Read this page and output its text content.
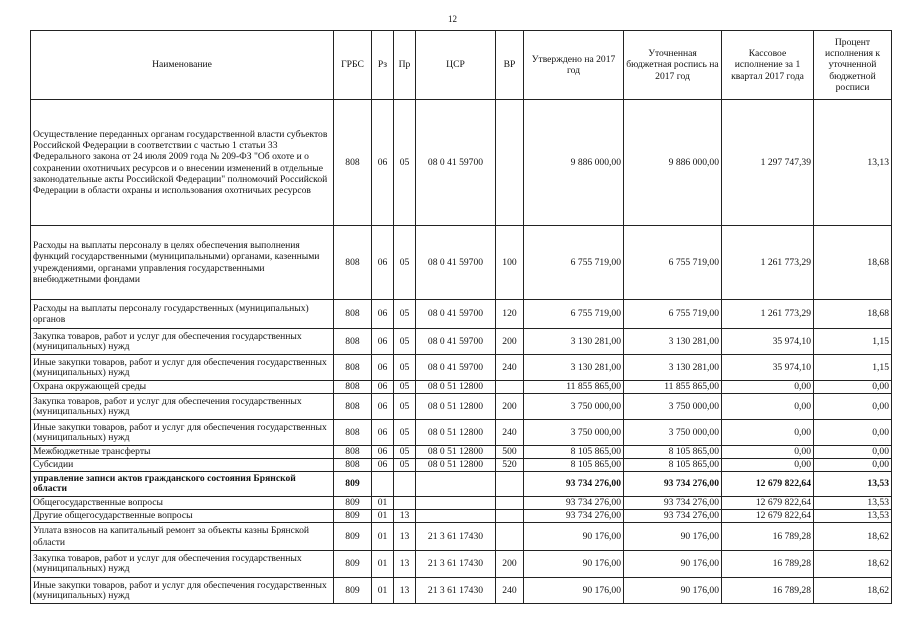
12
Наименование	ГРБС	Рз	Пр	ЦСР	ВР	Утверждено на 2017 год	Уточненная бюджетная роспись на 2017 год	Кассовое исполнение за 1 квартал 2017 года	Процент исполнения к уточненной бюджетной росписи
Осуществление переданных органам государственной власти субъектов Российской Федерации в соответствии с частью 1 статьи 33 Федерального закона от 24 июля 2009 года № 209-ФЗ "Об охоте и о сохранении охотничьих ресурсов и о внесении изменений в отдельные законодательные акты Российской Федерации" полномочий Российской Федерации в области охраны и использования охотничьих ресурсов	808	06	05	08 0 41 59700		9 886 000,00	9 886 000,00	1 297 747,39	13,13
Расходы на выплаты персоналу в целях обеспечения выполнения функций государственными (муниципальными) органами, казенными учреждениями, органами управления государственными внебюджетными фондами	808	06	05	08 0 41 59700	100	6 755 719,00	6 755 719,00	1 261 773,29	18,68
Расходы на выплаты персоналу государственных (муниципальных) органов	808	06	05	08 0 41 59700	120	6 755 719,00	6 755 719,00	1 261 773,29	18,68
Закупка товаров, работ и услуг для обеспечения государственных (муниципальных) нужд	808	06	05	08 0 41 59700	200	3 130 281,00	3 130 281,00	35 974,10	1,15
Иные закупки товаров, работ и услуг для обеспечения государственных (муниципальных) нужд	808	06	05	08 0 41 59700	240	3 130 281,00	3 130 281,00	35 974,10	1,15
Охрана окружающей среды	808	06	05	08 0 51 12800		11 855 865,00	11 855 865,00	0,00	0,00
Закупка товаров, работ и услуг для обеспечения государственных (муниципальных) нужд	808	06	05	08 0 51 12800	200	3 750 000,00	3 750 000,00	0,00	0,00
Иные закупки товаров, работ и услуг для обеспечения государственных (муниципальных) нужд	808	06	05	08 0 51 12800	240	3 750 000,00	3 750 000,00	0,00	0,00
Межбюджетные трансферты	808	06	05	08 0 51 12800	500	8 105 865,00	8 105 865,00	0,00	0,00
Субсидии	808	06	05	08 0 51 12800	520	8 105 865,00	8 105 865,00	0,00	0,00
управление записи актов гражданского состояния Брянской области	809					93 734 276,00	93 734 276,00	12 679 822,64	13,53
Общегосударственные вопросы	809	01				93 734 276,00	93 734 276,00	12 679 822,64	13,53
Другие общегосударственные вопросы	809	01	13			93 734 276,00	93 734 276,00	12 679 822,64	13,53
Уплата взносов на капитальный ремонт за объекты казны Брянской области	809	01	13	21 3 61 17430		90 176,00	90 176,00	16 789,28	18,62
Закупка товаров, работ и услуг для обеспечения государственных (муниципальных) нужд	809	01	13	21 3 61 17430	200	90 176,00	90 176,00	16 789,28	18,62
Иные закупки товаров, работ и услуг для обеспечения государственных (муниципальных) нужд	809	01	13	21 3 61 17430	240	90 176,00	90 176,00	16 789,28	18,62
